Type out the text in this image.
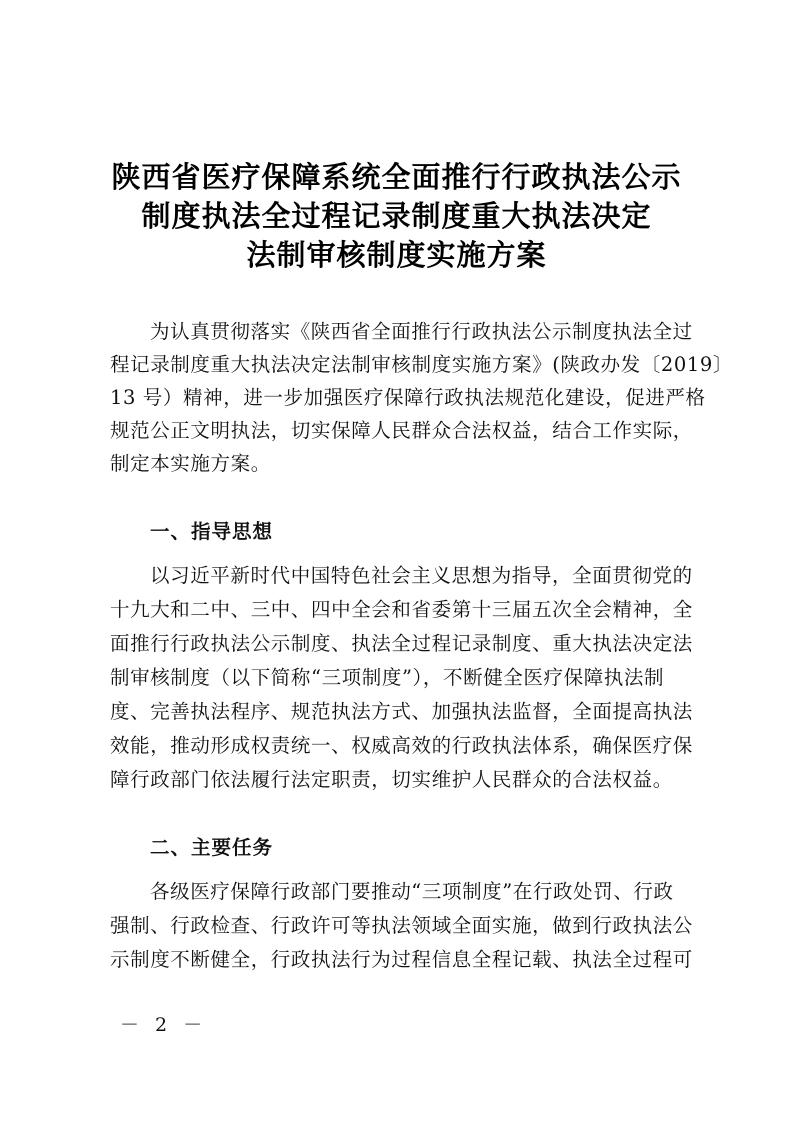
陕西省医疗保障系统全面推行行政执法公示
制度执法全过程记录制度重大执法决定
法制审核制度实施方案
为认真贯彻落实《陕西省全面推行行政执法公示制度执法全过
程记录制度重大执法决定法制审核制度实施方案》(陕政办发〔2019〕
13 号）精神，进一步加强医疗保障行政执法规范化建设，促进严格
规范公正文明执法，切实保障人民群众合法权益，结合工作实际，
制定本实施方案。
一、指导思想
以习近平新时代中国特色社会主义思想为指导，全面贯彻党的
十九大和二中、三中、四中全会和省委第十三届五次全会精神，全
面推行行政执法公示制度、执法全过程记录制度、重大执法决定法
制审核制度（以下简称“三项制度”），不断健全医疗保障执法制
度、完善执法程序、规范执法方式、加强执法监督，全面提高执法
效能，推动形成权责统一、权威高效的行政执法体系，确保医疗保
障行政部门依法履行法定职责，切实维护人民群众的合法权益。
二、主要任务
各级医疗保障行政部门要推动“三项制度”在行政处罚、行政
强制、行政检查、行政许可等执法领域全面实施，做到行政执法公
示制度不断健全，行政执法行为过程信息全程记载、执法全过程可
－ 2 －
